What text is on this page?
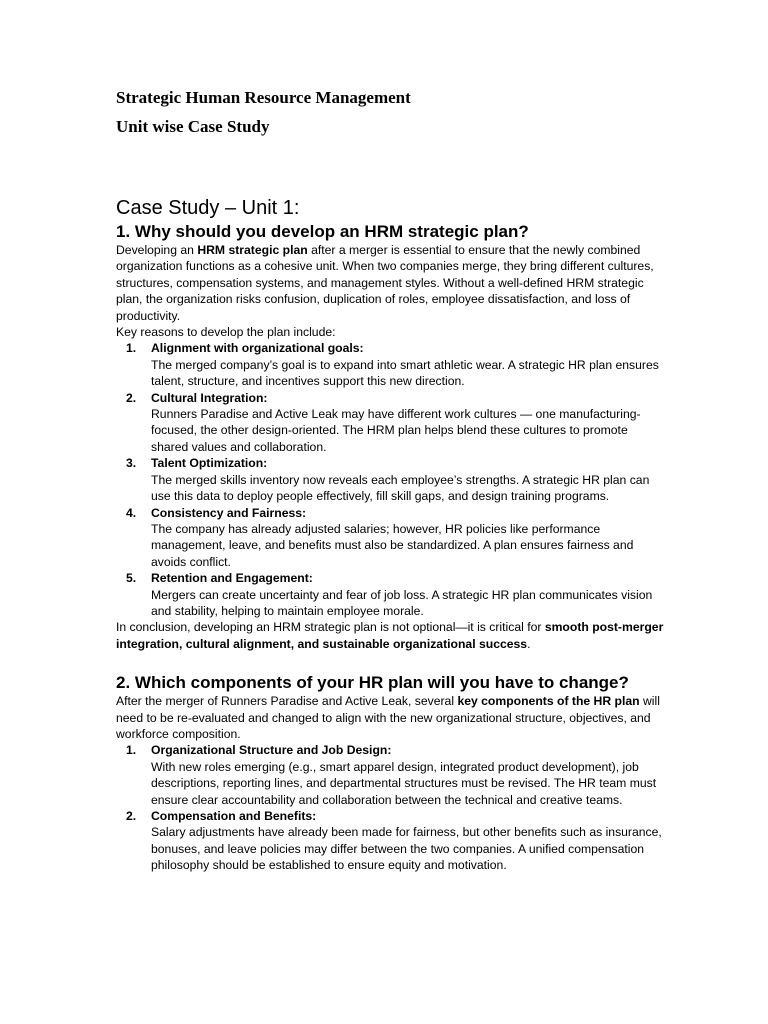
Strategic Human Resource Management
Unit wise Case Study
Case Study – Unit 1:
1. Why should you develop an HRM strategic plan?

Developing an HRM strategic plan after a merger is essential to ensure that the newly combined organization functions as a cohesive unit. When two companies merge, they bring different cultures, structures, compensation systems, and management styles. Without a well-defined HRM strategic plan, the organization risks confusion, duplication of roles, employee dissatisfaction, and loss of productivity.

Key reasons to develop the plan include:

1. Alignment with organizational goals:
The merged company’s goal is to expand into smart athletic wear. A strategic HR plan ensures talent, structure, and incentives support this new direction.
2. Cultural Integration:
Runners Paradise and Active Leak may have different work cultures — one manufacturing-focused, the other design-oriented. The HRM plan helps blend these cultures to promote shared values and collaboration.
3. Talent Optimization:
The merged skills inventory now reveals each employee’s strengths. A strategic HR plan can use this data to deploy people effectively, fill skill gaps, and design training programs.
4. Consistency and Fairness:
The company has already adjusted salaries; however, HR policies like performance management, leave, and benefits must also be standardized. A plan ensures fairness and avoids conflict.
5. Retention and Engagement:
Mergers can create uncertainty and fear of job loss. A strategic HR plan communicates vision and stability, helping to maintain employee morale.

In conclusion, developing an HRM strategic plan is not optional—it is critical for smooth post-merger integration, cultural alignment, and sustainable organizational success.

2. Which components of your HR plan will you have to change?

After the merger of Runners Paradise and Active Leak, several key components of the HR plan will need to be re-evaluated and changed to align with the new organizational structure, objectives, and workforce composition.

1. Organizational Structure and Job Design:
With new roles emerging (e.g., smart apparel design, integrated product development), job descriptions, reporting lines, and departmental structures must be revised. The HR team must ensure clear accountability and collaboration between the technical and creative teams.
2. Compensation and Benefits:
Salary adjustments have already been made for fairness, but other benefits such as insurance, bonuses, and leave policies may differ between the two companies. A unified compensation philosophy should be established to ensure equity and motivation.
